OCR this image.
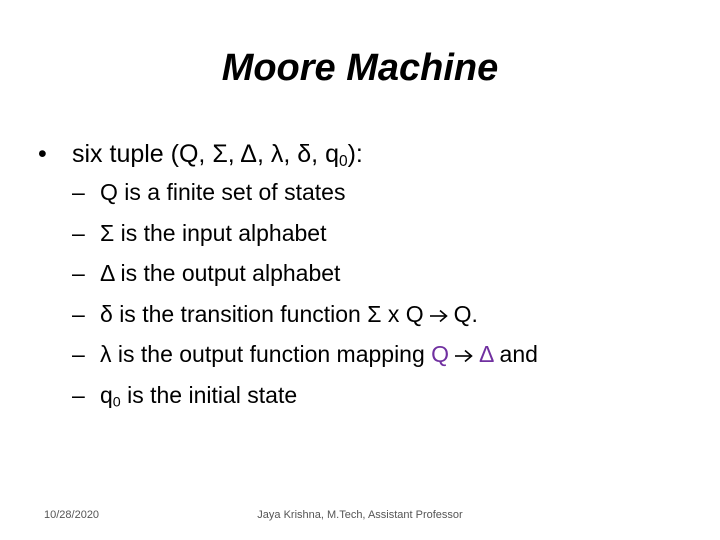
Moore Machine
• six tuple (Q, Σ, Δ, λ, δ, $q_0$):
– Q is a finite set of states
– Σ is the input alphabet
– Δ is the output alphabet
– δ is the transition function Σ x Q Q.
– λ is the output function mapping Q Δ and
– $q_0$ is the initial state
10/28/2020	Jaya Krishna, M.Tech, Assistant Professor
